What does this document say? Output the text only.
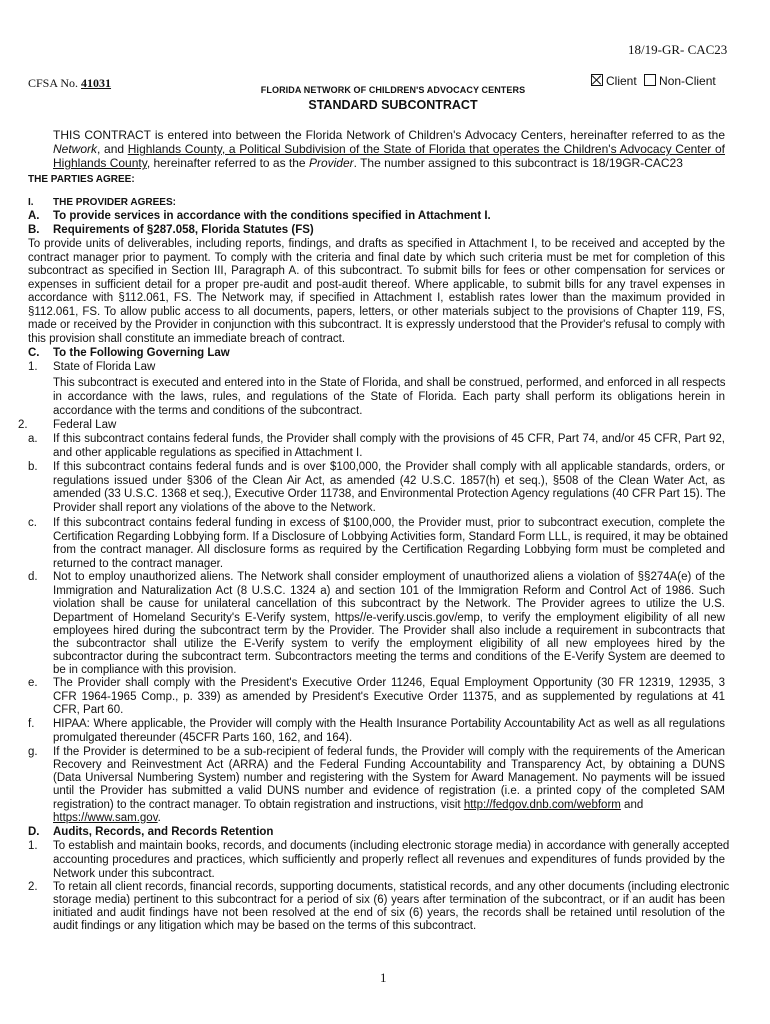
18/19-GR- CAC23
CFSA No. 41031	FLORIDA NETWORK OF CHILDREN'S ADVOCACY CENTERS
STANDARD SUBCONTRACT
Client Non-Client
THIS CONTRACT is entered into between the Florida Network of Children's Advocacy Centers, hereinafter referred to as the
Network, and Highlands County, a Political Subdivision of the State of Florida that operates the Children's Advocacy Center of
Highlands County, hereinafter referred to as the Provider. The number assigned to this subcontract is 18/19GR-CAC23
THE PARTIES AGREE:
I.	THE PROVIDER AGREES:
A.	To provide services in accordance with the conditions specified in Attachment I.
B.	Requirements of §287.058, Florida Statutes (FS)
To provide units of deliverables, including reports, findings, and drafts as specified in Attachment I, to be received and accepted by the
contract manager prior to payment. To comply with the criteria and final date by which such criteria must be met for completion of this
subcontract as specified in Section III, Paragraph A. of this subcontract. To submit bills for fees or other compensation for services or
expenses in sufficient detail for a proper pre-audit and post-audit thereof. Where applicable, to submit bills for any travel expenses in
accordance with §112.061, FS. The Network may, if specified in Attachment I, establish rates lower than the maximum provided in
§112.061, FS. To allow public access to all documents, papers, letters, or other materials subject to the provisions of Chapter 119, FS,
made or received by the Provider in conjunction with this subcontract. It is expressly understood that the Provider's refusal to comply with
this provision shall constitute an immediate breach of contract.
C.	To the Following Governing Law
1.	State of Florida Law
This subcontract is executed and entered into in the State of Florida, and shall be construed, performed, and enforced in all respects
in accordance with the laws, rules, and regulations of the State of Florida. Each party shall perform its obligations herein in
accordance with the terms and conditions of the subcontract.
2.	Federal Law
a.	If this subcontract contains federal funds, the Provider shall comply with the provisions of 45 CFR, Part 74, and/or 45 CFR, Part 92,
and other applicable regulations as specified in Attachment I.
b.	If this subcontract contains federal funds and is over $100,000, the Provider shall comply with all applicable standards, orders, or
regulations issued under §306 of the Clean Air Act, as amended (42 U.S.C. 1857(h) et seq.), §508 of the Clean Water Act, as
amended (33 U.S.C. 1368 et seq.), Executive Order 11738, and Environmental Protection Agency regulations (40 CFR Part 15). The
Provider shall report any violations of the above to the Network.
c.	If this subcontract contains federal funding in excess of $100,000, the Provider must, prior to subcontract execution, complete the
Certification Regarding Lobbying form. If a Disclosure of Lobbying Activities form, Standard Form LLL, is required, it may be obtained
from the contract manager. All disclosure forms as required by the Certification Regarding Lobbying form must be completed and
returned to the contract manager.
d.	Not to employ unauthorized aliens. The Network shall consider employment of unauthorized aliens a violation of §§274A(e) of the
Immigration and Naturalization Act (8 U.S.C. 1324 a) and section 101 of the Immigration Reform and Control Act of 1986. Such
violation shall be cause for unilateral cancellation of this subcontract by the Network. The Provider agrees to utilize the U.S.
Department of Homeland Security's E-Verify system, https//e-verify.uscis.gov/emp, to verify the employment eligibility of all new
employees hired during the subcontract term by the Provider. The Provider shall also include a requirement in subcontracts that
the subcontractor shall utilize the E-Verify system to verify the employment eligibility of all new employees hired by the
subcontractor during the subcontract term. Subcontractors meeting the terms and conditions of the E-Verify System are deemed to
be in compliance with this provision.
e.	The Provider shall comply with the President's Executive Order 11246, Equal Employment Opportunity (30 FR 12319, 12935, 3
CFR 1964-1965 Comp., p. 339) as amended by President's Executive Order 11375, and as supplemented by regulations at 41
CFR, Part 60.
f.	HIPAA: Where applicable, the Provider will comply with the Health Insurance Portability Accountability Act as well as all regulations
promulgated thereunder (45CFR Parts 160, 162, and 164).
g.	If the Provider is determined to be a sub-recipient of federal funds, the Provider will comply with the requirements of the American
Recovery and Reinvestment Act (ARRA) and the Federal Funding Accountability and Transparency Act, by obtaining a DUNS
(Data Universal Numbering System) number and registering with the System for Award Management. No payments will be issued
until the Provider has submitted a valid DUNS number and evidence of registration (i.e. a printed copy of the completed SAM
registration) to the contract manager. To obtain registration and instructions, visit http://fedgov.dnb.com/webform and
https://www.sam.gov.
D.	Audits, Records, and Records Retention
1.	To establish and maintain books, records, and documents (including electronic storage media) in accordance with generally accepted
accounting procedures and practices, which sufficiently and properly reflect all revenues and expenditures of funds provided by the
Network under this subcontract.
2.	To retain all client records, financial records, supporting documents, statistical records, and any other documents (including electronic
storage media) pertinent to this subcontract for a period of six (6) years after termination of the subcontract, or if an audit has been
initiated and audit findings have not been resolved at the end of six (6) years, the records shall be retained until resolution of the
audit findings or any litigation which may be based on the terms of this subcontract.
1
